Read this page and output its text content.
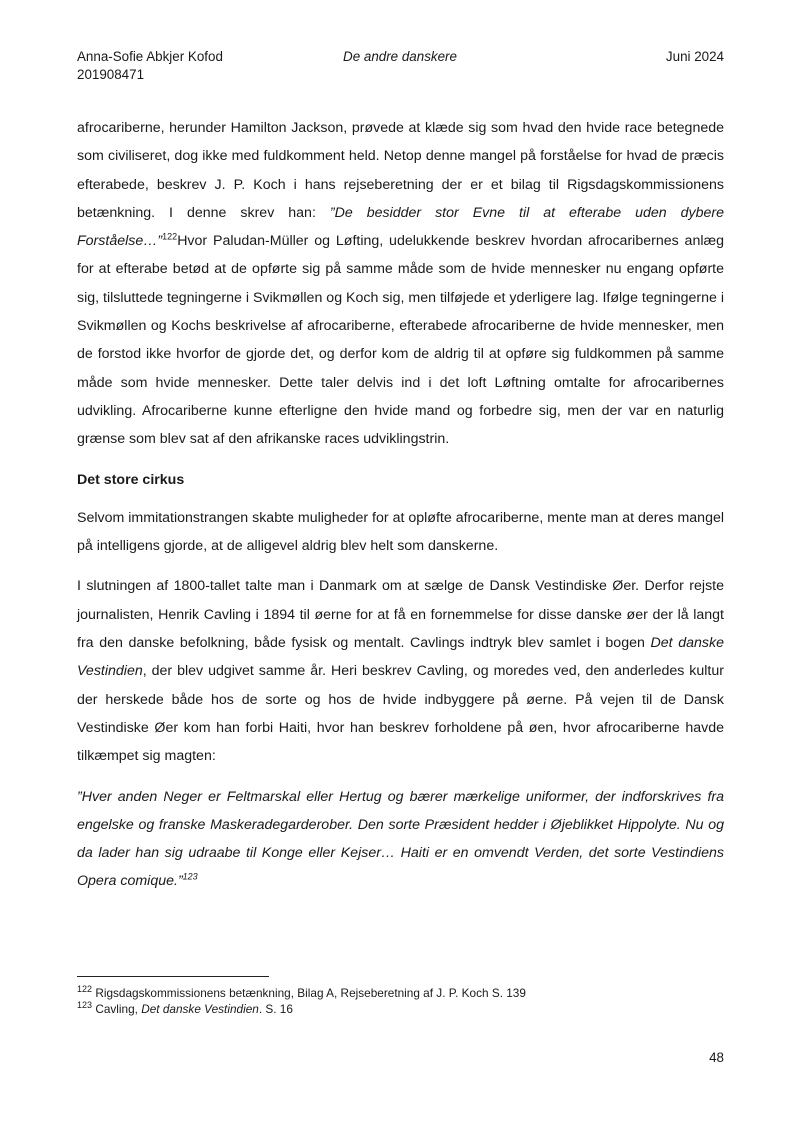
Anna-Sofie Abkjer Kofod
201908471
De andre danskere	Juni 2024

afrocariberne, herunder Hamilton Jackson, prøvede at klæde sig som hvad den hvide race betegnede som civiliseret, dog ikke med fuldkomment held. Netop denne mangel på forståelse for hvad de præcis efterabede, beskrev J. P. Koch i hans rejseberetning der er et bilag til Rigsdagskommissionens betænkning. I denne skrev han: ”De besidder stor Evne til at efterabe uden dybere Forståelse…”$^{122}$Hvor Paludan-Müller og Løfting, udelukkende beskrev hvordan afrocaribernes anlæg for at efterabe betød at de opførte sig på samme måde som de hvide mennesker nu engang opførte sig, tilsluttede tegningerne i Svikmøllen og Koch sig, men tilføjede et yderligere lag. Ifølge tegningerne i Svikmøllen og Kochs beskrivelse af afrocariberne, efterabede afrocariberne de hvide mennesker, men de forstod ikke hvorfor de gjorde det, og derfor kom de aldrig til at opføre sig fuldkommen på samme måde som hvide mennesker. Dette taler delvis ind i det loft Løftning omtalte for afrocaribernes udvikling. Afrocariberne kunne efterligne den hvide mand og forbedre sig, men der var en naturlig grænse som blev sat af den afrikanske races udviklingstrin.

Det store cirkus

Selvom immitationstrangen skabte muligheder for at opløfte afrocariberne, mente man at deres mangel på intelligens gjorde, at de alligevel aldrig blev helt som danskerne.

I slutningen af 1800-tallet talte man i Danmark om at sælge de Dansk Vestindiske Øer. Derfor rejste journalisten, Henrik Cavling i 1894 til øerne for at få en fornemmelse for disse danske øer der lå langt fra den danske befolkning, både fysisk og mentalt. Cavlings indtryk blev samlet i bogen Det danske Vestindien, der blev udgivet samme år. Heri beskrev Cavling, og moredes ved, den anderledes kultur der herskede både hos de sorte og hos de hvide indbyggere på øerne. På vejen til de Dansk Vestindiske Øer kom han forbi Haiti, hvor han beskrev forholdene på øen, hvor afrocariberne havde tilkæmpet sig magten:

”Hver anden Neger er Feltmarskal eller Hertug og bærer mærkelige uniformer, der indforskrives fra engelske og franske Maskeradegarderober. Den sorte Præsident hedder i Øjeblikket Hippolyte. Nu og da lader han sig udraabe til Konge eller Kejser… Haiti er en omvendt Verden, det sorte Vestindiens Opera comique.”$^{123}$

$^{122}$ Rigsdagskommissionens betænkning, Bilag A, Rejseberetning af J. P. Koch S. 139
$^{123}$ Cavling, Det danske Vestindien. S. 16
48
